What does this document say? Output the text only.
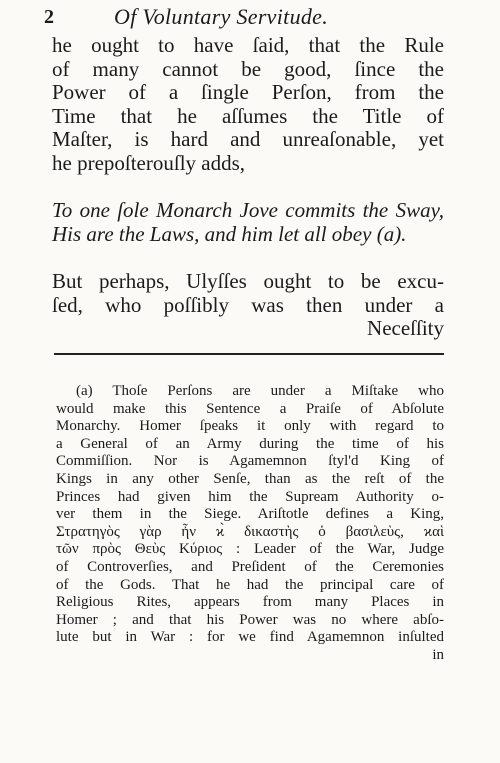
2	Of Voluntary Servitude.
he ought to have ſaid, that the Rule
of many cannot be good, ſince the
Power of a ſingle Perſon, from the
Time that he aſſumes the Title of
Maſter, is hard and unreaſonable, yet
he prepoſterouſly adds,
To one ſole Monarch Jove commits the Sway,
His are the Laws, and him let all obey (a).
But perhaps, Ulyſſes ought to be excu-
ſed, who poſſibly was then under a
Neceſſity
(a) Thoſe Perſons are under a Miſtake who
would make this Sentence a Praiſe of Abſolute
Monarchy. Homer ſpeaks it only with regard to
a General of an Army during the time of his
Commiſſion. Nor is Agamemnon ſtyl'd King of
Kings in any other Senſe, than as the reſt of the
Princes had given him the Supream Authority o-
ver them in the Siege. Ariſtotle defines a King,
Στρατηγὸς γὰρ ἦν ϰ̀ δικαστὴς ὁ βασιλεὺς, ϰαὶ
τῶν πρὸς Θεὺς Κύριος : Leader of the War, Judge
of Controverſies, and Preſident of the Ceremonies
of the Gods. That he had the principal care of
Religious Rites, appears from many Places in
Homer ; and that his Power was no where abſo-
lute but in War : for we find Agamemnon inſulted
in
